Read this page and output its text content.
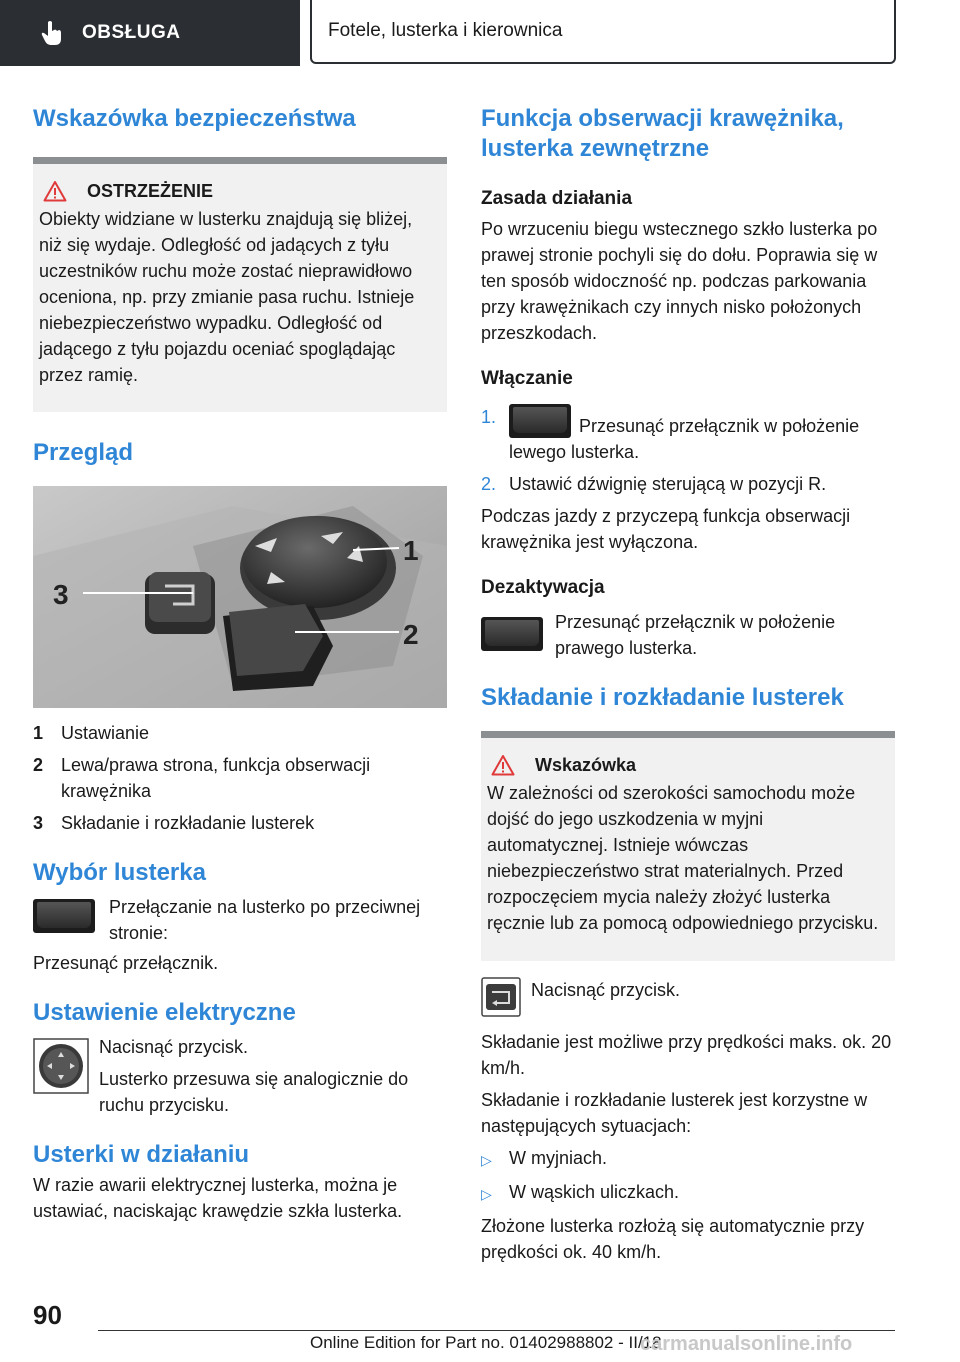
OBSŁUGA	Fotele, lusterka i kierownica
Wskazówka bezpieczeństwa
OSTRZEŻENIE

Obiekty widziane w lusterku znajdują się bliżej, niż się wydaje. Odległość od jadących z tyłu uczestników ruchu może zostać nieprawidłowo oceniona, np. przy zmianie pasa ruchu. Istnieje niebezpieczeństwo wypadku. Odległość od jadącego z tyłu pojazdu oceniać spoglądając przez ramię.

Przegląd
3
1
2
1 Ustawianie
2 Lewa/prawa strona, funkcja obserwacji krawężnika
3 Składanie i rozkładanie lusterek
Wybór lusterka

Przełączanie na lusterko po przeciwnej stronie:

Przesunąć przełącznik.

Ustawienie elektryczne

Nacisnąć przycisk.

Lusterko przesuwa się analogicznie do ruchu przycisku.

Usterki w działaniu

W razie awarii elektrycznej lusterka, można je ustawiać, naciskając krawędzie szkła lusterka.

Funkcja obserwacji krawężnika, lusterka zewnętrzne
Zasada działania

Po wrzuceniu biegu wstecznego szkło lusterka po prawej stronie pochyli się do dołu. Poprawia się w ten sposób widoczność np. podczas parkowania przy krawężnikach czy innych nisko położonych przeszkodach.

Włączanie
1.	Przesunąć przełącznik w położenie lewego lusterka.
2. Ustawić dźwignię sterującą w pozycji R.

Podczas jazdy z przyczepą funkcja obserwacji krawężnika jest wyłączona.

Dezaktywacja

Przesunąć przełącznik w położenie prawego lusterka.

Składanie i rozkładanie lusterek
Wskazówka

W zależności od szerokości samochodu może dojść do jego uszkodzenia w myjni automatycznej. Istnieje wówczas niebezpieczeństwo strat materialnych. Przed rozpoczęciem mycia należy złożyć lusterka ręcznie lub za pomocą odpowiedniego przycisku.

Nacisnąć przycisk.

Składanie jest możliwe przy prędkości maks. ok. 20 km/h.

Składanie i rozkładanie lusterek jest korzystne w następujących sytuacjach:

▷ W myjniach.
▷ W wąskich uliczkach.

Złożone lusterka rozłożą się automatycznie przy prędkości ok. 40 km/h.

90
Online Edition for Part no. 01402988802 - II/18
carmanualsonline.info
